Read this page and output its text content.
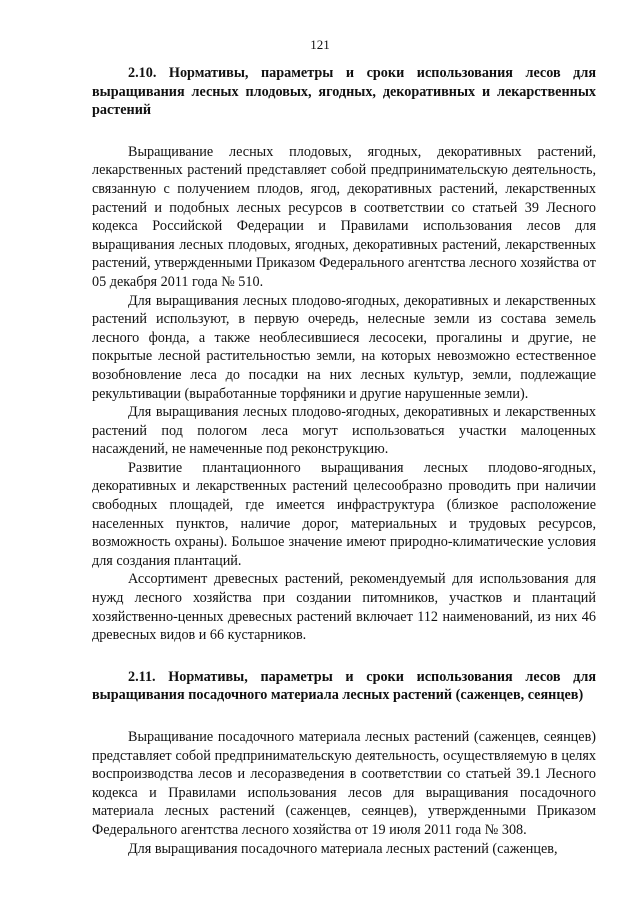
121

2.10. Нормативы, параметры и сроки использования лесов для выращивания лесных плодовых, ягодных, декоративных и лекарственных растений

Выращивание лесных плодовых, ягодных, декоративных растений, лекарственных растений представляет собой предпринимательскую деятельность, связанную с получением плодов, ягод, декоративных растений, лекарственных растений и подобных лесных ресурсов в соответствии со статьей 39 Лесного кодекса Российской Федерации и Правилами использования лесов для выращивания лесных плодовых, ягодных, декоративных растений, лекарственных растений, утвержденными Приказом Федерального агентства лесного хозяйства от 05 декабря 2011 года № 510.

Для выращивания лесных плодово-ягодных, декоративных и лекарственных растений используют, в первую очередь, нелесные земли из состава земель лесного фонда, а также необлесившиеся лесосеки, прогалины и другие, не покрытые лесной растительностью земли, на которых невозможно естественное возобновление леса до посадки на них лесных культур, земли, подлежащие рекультивации (выработанные торфяники и другие нарушенные земли).

Для выращивания лесных плодово-ягодных, декоративных и лекарственных растений под пологом леса могут использоваться участки малоценных насаждений, не намеченные под реконструкцию.

Развитие плантационного выращивания лесных плодово-ягодных, декоративных и лекарственных растений целесообразно проводить при наличии свободных площадей, где имеется инфраструктура (близкое расположение населенных пунктов, наличие дорог, материальных и трудовых ресурсов, возможность охраны). Большое значение имеют природно-климатические условия для создания плантаций.

Ассортимент древесных растений, рекомендуемый для использования для нужд лесного хозяйства при создании питомников, участков и плантаций хозяйственно-ценных древесных растений включает 112 наименований, из них 46 древесных видов и 66 кустарников.

2.11. Нормативы, параметры и сроки использования лесов для выращивания посадочного материала лесных растений (саженцев, сеянцев)

Выращивание посадочного материала лесных растений (саженцев, сеянцев) представляет собой предпринимательскую деятельность, осуществляемую в целях воспроизводства лесов и лесоразведения в соответствии со статьей 39.1 Лесного кодекса и Правилами использования лесов для выращивания посадочного материала лесных растений (саженцев, сеянцев), утвержденными Приказом Федерального агентства лесного хозяйства от 19 июля 2011 года № 308.

Для выращивания посадочного материала лесных растений (саженцев,
